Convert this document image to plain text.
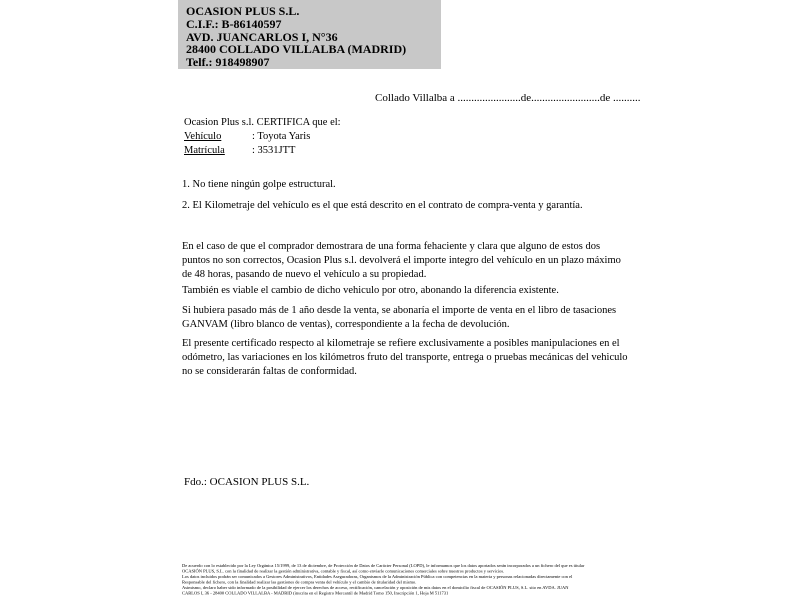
OCASION PLUS S.L.
C.I.F.: B-86140597
AVD. JUANCARLOS I, N°36
28400 COLLADO VILLALBA (MADRID)
Telf.: 918498907
Collado Villalba a .......................de.........................de ..........
Ocasion Plus s.l. CERTIFICA que el:
Vehículo	: Toyota Yaris
Matrícula	: 3531JTT
1. No tiene ningún golpe estructural.
2. El Kilometraje del vehículo es el que está descrito en el contrato de compra-venta y garantía.
En el caso de que el comprador demostrara de una forma fehaciente y clara que alguno de estos dos puntos no son correctos, Ocasion Plus s.l. devolverá el importe integro del vehículo en un plazo máximo de 48 horas, pasando de nuevo el vehículo a su propiedad.
También es viable el cambio de dicho vehiculo por otro, abonando la diferencia existente.
Si hubiera pasado más de 1 año desde la venta, se abonaría el importe de venta en el libro de tasaciones GANVAM (libro blanco de ventas), correspondiente a la fecha de devolución.
El presente certificado respecto al kilometraje se refiere exclusivamente a posibles manipulaciones en el odómetro, las variaciones en los kilómetros fruto del transporte, entrega o pruebas mecánicas del vehiculo no se considerarán faltas de conformidad.
Fdo.: OCASION PLUS S.L.
De acuerdo con lo establecido por la Ley Orgánica 15/1999, de 13 de diciembre, de Protección de Datos de Carácter Personal (LOPD), le informamos que los datos aportados serán incorporados a un fichero del que es titular
OCASIÓN PLUS, S.L. con la finalidad de realizar la gestión administrativa, contable y fiscal, así como enviarle comunicaciones comerciales sobre nuestros productos y servicios.
Los datos incluidos podrán ser comunicados a Gestores Administrativos, Entidades Aseguradoras, Organismos de la Administración Pública con competencias en la materia y personas relacionadas directamente con el
Responsable del fichero, con la finalidad realizar las gestiones de compra venta del vehículo y el cambio de titularidad del mismo.
Asimismo, declaro haber sido informado de la posibilidad de ejercer los derechos de acceso, rectificación, cancelación y oposición de mis datos en el domicilio fiscal de OCASIÓN PLUS, S.L. sito en AVDA. JUAN
CARLOS I, 36 - 28400 COLLADO VILLALBA - MADRID (inscrita en el Registro Mercantil de Madrid Tomo 150, Inscripción 1, Hoja M 511731
